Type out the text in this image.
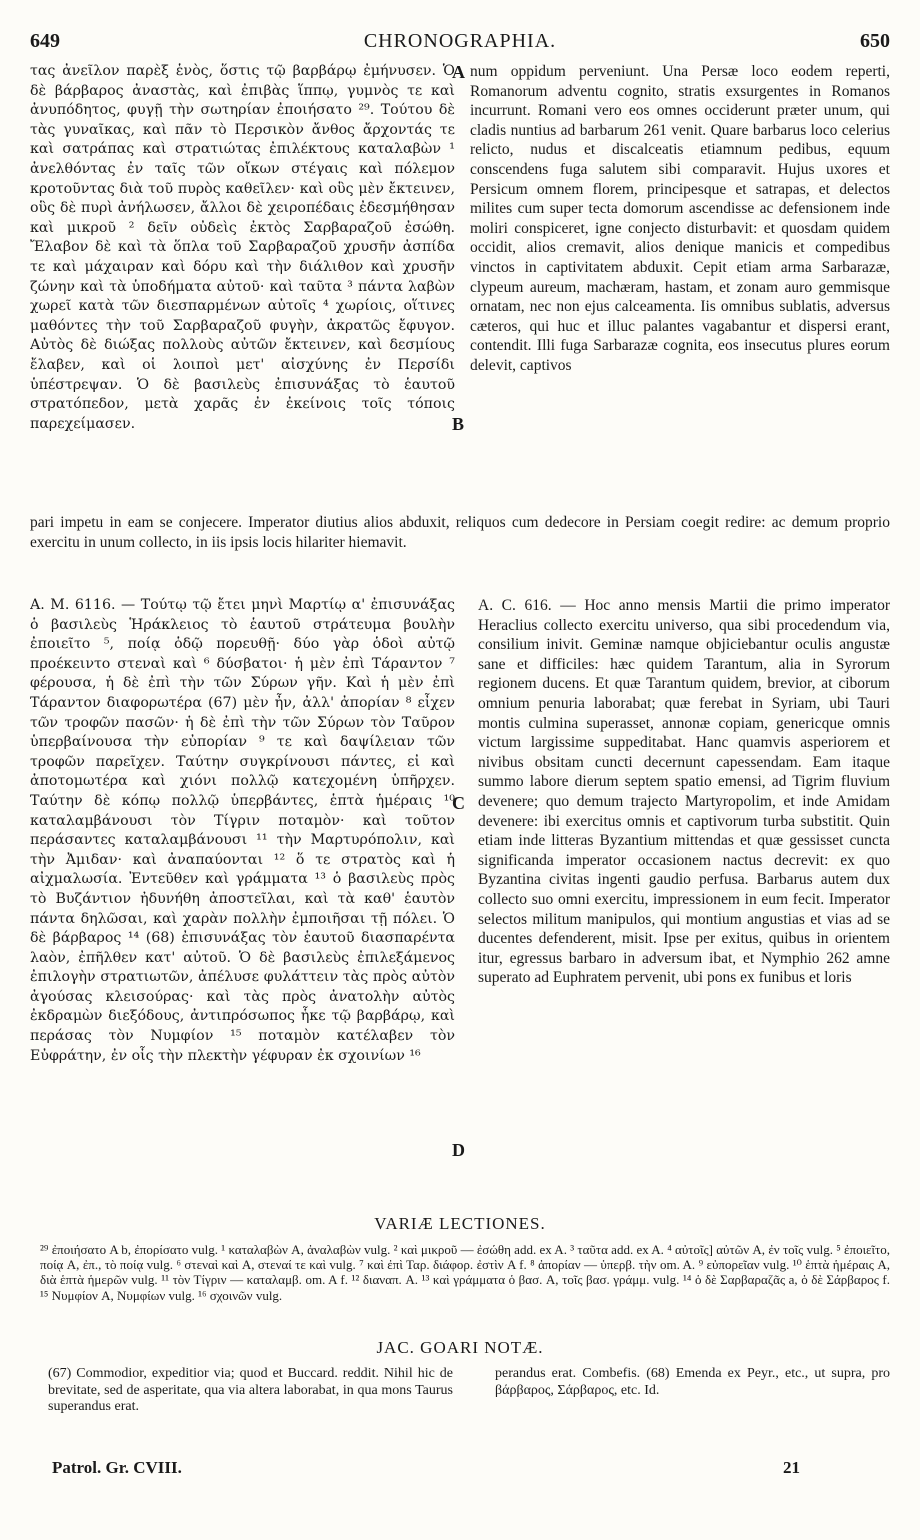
649	CHRONOGRAPHIA.	650

τας ἀνεῖλον παρὲξ ἑνὸς, ὅστις τῷ βαρβάρῳ ἐμήνυσεν. Ὁ δὲ βάρβαρος ἀναστὰς, καὶ ἐπιβὰς ἵππῳ, γυμνὸς τε καὶ ἀνυπόδητος, φυγῇ τὴν σωτηρίαν ἐποιήσατο ²⁹. Τούτου δὲ τὰς γυναῖκας, καὶ πᾶν τὸ Περσικὸν ἄνθος ἄρχοντάς τε καὶ σατράπας καὶ στρατιώτας ἐπιλέκτους καταλαβὼν ¹ ἀνελθόντας ἐν ταῖς τῶν οἴκων στέγαις καὶ πόλεμον κροτοῦντας διὰ τοῦ πυρὸς καθεῖλεν· καὶ οὓς μὲν ἔκτεινεν, οὓς δὲ πυρὶ ἀνήλωσεν, ἄλλοι δὲ χειροπέδαις ἐδεσμήθησαν καὶ μικροῦ ² δεῖν οὐδεὶς ἐκτὸς Σαρβαραζοῦ ἐσώθη. Ἔλαβον δὲ καὶ τὰ ὅπλα τοῦ Σαρβαραζοῦ χρυσῆν ἀσπίδα τε καὶ μάχαιραν καὶ δόρυ καὶ τὴν διάλιθον καὶ χρυσῆν ζώνην καὶ τὰ ὑποδήματα αὐτοῦ· καὶ ταῦτα ³ πάντα λαβὼν χωρεῖ κατὰ τῶν διεσπαρμένων αὐτοῖς ⁴ χωρίοις, οἵτινες μαθόντες τὴν τοῦ Σαρβαραζοῦ φυγὴν, ἀκρατῶς ἔφυγον. Αὐτὸς δὲ διώξας πολλοὺς αὐτῶν ἔκτεινεν, καὶ δεσμίους ἔλαβεν, καὶ οἱ λοιποὶ μετ' αἰσχύνης ἐν Περσίδι ὑπέστρεψαν. Ὁ δὲ βασιλεὺς ἐπισυνάξας τὸ ἑαυτοῦ στρατόπεδον, μετὰ χαρᾶς ἐν ἐκείνοις τοῖς τόποις παρεχείμασεν.

A
B

num oppidum perveniunt. Una Persæ loco eodem reperti, Romanorum adventu cognito, stratis exsurgentes in Romanos incurrunt. Romani vero eos omnes occiderunt præter unum, qui cladis nuntius ad barbarum 261 venit. Quare barbarus loco celerius relicto, nudus et discalceatis etiamnum pedibus, equum conscendens fuga salutem sibi comparavit. Hujus uxores et Persicum omnem florem, principesque et satrapas, et delectos milites cum super tecta domorum ascendisse ac defensionem inde moliri conspiceret, igne conjecto disturbavit: et quosdam quidem occidit, alios cremavit, alios denique manicis et compedibus vinctos in captivitatem abduxit. Cepit etiam arma Sarbarazæ, clypeum aureum, machæram, hastam, et zonam auro gemmisque ornatam, nec non ejus calceamenta. Iis omnibus sublatis, adversus cæteros, qui huc et illuc palantes vagabantur et dispersi erant, contendit. Illi fuga Sarbarazæ cognita, eos insecutus plures eorum delevit, captivos

pari impetu in eam se conjecere. Imperator diutius alios abduxit, reliquos cum dedecore in Persiam coegit redire: ac demum proprio exercitu in unum collecto, in iis ipsis locis hilariter hiemavit.

A. M. 6116. — Τούτῳ τῷ ἔτει μηνὶ Μαρτίῳ α' ἐπισυνάξας ὁ βασιλεὺς Ἡράκλειος τὸ ἑαυτοῦ στράτευμα βουλὴν ἐποιεῖτο ⁵, ποίᾳ ὁδῷ πορευθῇ· δύο γὰρ ὁδοὶ αὐτῷ προέκειντο στεναὶ καὶ ⁶ δύσβατοι· ἡ μὲν ἐπὶ Τάραντον ⁷ φέρουσα, ἡ δὲ ἐπὶ τὴν τῶν Σύρων γῆν. Καὶ ἡ μὲν ἐπὶ Τάραντον διαφορωτέρα (67) μὲν ἦν, ἀλλ' ἀπορίαν ⁸ εἶχεν τῶν τροφῶν πασῶν· ἡ δὲ ἐπὶ τὴν τῶν Σύρων τὸν Ταῦρον ὑπερβαίνουσα τὴν εὐπορίαν ⁹ τε καὶ δαψίλειαν τῶν τροφῶν παρεῖχεν. Ταύτην συγκρίνουσι πάντες, εἰ καὶ ἀποτομωτέρα καὶ χιόνι πολλῷ κατεχομένη ὑπῆρχεν. Ταύτην δὲ κόπῳ πολλῷ ὑπερβάντες, ἑπτὰ ἡμέραις ¹⁰ καταλαμβάνουσι τὸν Τίγριν ποταμὸν· καὶ τοῦτον περάσαντες καταλαμβάνουσι ¹¹ τὴν Μαρτυρόπολιν, καὶ τὴν Ἀμιδαν· καὶ ἀναπαύονται ¹² ὅ τε στρατὸς καὶ ἡ αἰχμαλωσία. Ἐντεῦθεν καὶ γράμματα ¹³ ὁ βασιλεὺς πρὸς τὸ Βυζάντιον ἠδυνήθη ἀποστεῖλαι, καὶ τὰ καθ' ἑαυτὸν πάντα δηλῶσαι, καὶ χαρὰν πολλὴν ἐμποιῆσαι τῇ πόλει. Ὁ δὲ βάρβαρος ¹⁴ (68) ἐπισυνάξας τὸν ἑαυτοῦ διασπαρέντα λαὸν, ἐπῆλθεν κατ' αὐτοῦ. Ὁ δὲ βασιλεὺς ἐπιλεξάμενος ἐπιλογὴν στρατιωτῶν, ἀπέλυσε φυλάττειν τὰς πρὸς αὐτὸν ἀγούσας κλεισούρας· καὶ τὰς πρὸς ἀνατολὴν αὐτὸς ἐκδραμὼν διεξόδους, ἀντιπρόσωπος ἧκε τῷ βαρβάρῳ, καὶ περάσας τὸν Νυμφίον ¹⁵ ποταμὸν κατέλαβεν τὸν Εὐφράτην, ἐν οἷς τὴν πλεκτὴν γέφυραν ἐκ σχοινίων ¹⁶

C
D

A. C. 616. — Hoc anno mensis Martii die primo imperator Heraclius collecto exercitu universo, qua sibi procedendum via, consilium inivit. Geminæ namque objiciebantur oculis angustæ sane et difficiles: hæc quidem Tarantum, alia in Syrorum regionem ducens. Et quæ Tarantum quidem, brevior, at ciborum omnium penuria laborabat; quæ ferebat in Syriam, ubi Tauri montis culmina superasset, annonæ copiam, genericque omnis victum largissime suppeditabat. Hanc quamvis asperiorem et nivibus obsitam cuncti decernunt capessendam. Eam itaque summo labore dierum septem spatio emensi, ad Tigrim fluvium devenere; quo demum trajecto Martyropolim, et inde Amidam devenere: ibi exercitus omnis et captivorum turba substitit. Quin etiam inde litteras Byzantium mittendas et quæ gessisset cuncta significanda imperator occasionem nactus decrevit: ex quo Byzantina civitas ingenti gaudio perfusa. Barbarus autem dux collecto suo omni exercitu, impressionem in eum fecit. Imperator selectos militum manipulos, qui montium angustias et vias ad se ducentes defenderent, misit. Ipse per exitus, quibus in orientem itur, egressus barbaro in adversum ibat, et Nymphio 262 amne superato ad Euphratem pervenit, ubi pons ex funibus et loris

VARIÆ LECTIONES.
²⁹ ἐποιήσατο A b, ἐπορίσατο vulg. ¹ καταλαβὼν A, ἀναλαβὼν vulg. ² καὶ μικροῦ — ἐσώθη add. ex A. ³ ταῦτα add. ex A. ⁴ αὐτοῖς] αὐτῶν A, ἐν τοῖς vulg. ⁵ ἐποιεῖτο, ποίᾳ A, ἐπ., τὸ ποίᾳ vulg. ⁶ στεναὶ καὶ A, στεναί τε καὶ vulg. ⁷ καὶ ἐπὶ Ταρ. διάφορ. ἐστὶν A f. ⁸ ἀπορίαν — ὑπερβ. τὴν om. A. ⁹ εὐπορεῖαν vulg. ¹⁰ ἑπτὰ ἡμέραις A, διὰ ἑπτὰ ἡμερῶν vulg. ¹¹ τὸν Τίγριν — καταλαμβ. om. A f. ¹² διαναπ. A. ¹³ καὶ γράμματα ὁ βασ. A, τοῖς βασ. γράμμ. vulg. ¹⁴ ὁ δὲ Σαρβαραζᾶς a, ὁ δὲ Σάρβαρος f. ¹⁵ Νυμφίον A, Νυμφίων vulg. ¹⁶ σχοινῶν vulg.
JAC. GOARI NOTÆ.
(67) Commodior, expeditior via; quod et Buccard. reddit. Nihil hic de brevitate, sed de asperitate, qua via altera laborabat, in qua mons Taurus superandus erat.
perandus erat. Combefis. (68) Emenda ex Peyr., etc., ut supra, pro βάρβαρος, Σάρβαρος, etc. Id.
Patrol. Gr. CVIII.	21
